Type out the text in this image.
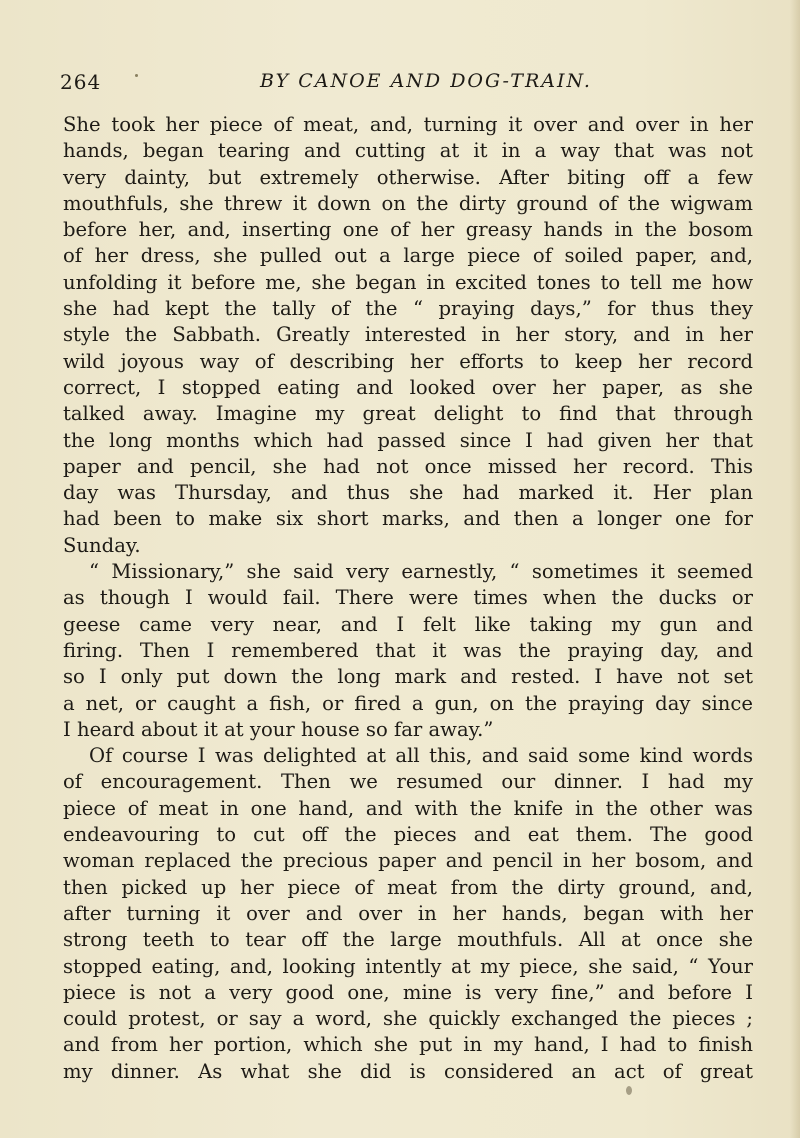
264	BY CANOE AND DOG-TRAIN.
She took her piece of meat, and, turning it over and over in her
hands, began tearing and cutting at it in a way that was not
very dainty, but extremely otherwise. After biting off a few
mouthfuls, she threw it down on the dirty ground of the wigwam
before her, and, inserting one of her greasy hands in the bosom
of her dress, she pulled out a large piece of soiled paper, and,
unfolding it before me, she began in excited tones to tell me how
she had kept the tally of the “ praying days,” for thus they
style the Sabbath. Greatly interested in her story, and in her
wild joyous way of describing her efforts to keep her record
correct, I stopped eating and looked over her paper, as she
talked away. Imagine my great delight to find that through
the long months which had passed since I had given her that
paper and pencil, she had not once missed her record. This
day was Thursday, and thus she had marked it. Her plan
had been to make six short marks, and then a longer one for
Sunday.
“ Missionary,” she said very earnestly, “ sometimes it seemed
as though I would fail. There were times when the ducks or
geese came very near, and I felt like taking my gun and
firing. Then I remembered that it was the praying day, and
so I only put down the long mark and rested. I have not set
a net, or caught a fish, or fired a gun, on the praying day since
I heard about it at your house so far away.”
Of course I was delighted at all this, and said some kind words
of encouragement. Then we resumed our dinner. I had my
piece of meat in one hand, and with the knife in the other was
endeavouring to cut off the pieces and eat them. The good
woman replaced the precious paper and pencil in her bosom, and
then picked up her piece of meat from the dirty ground, and,
after turning it over and over in her hands, began with her
strong teeth to tear off the large mouthfuls. All at once she
stopped eating, and, looking intently at my piece, she said, “ Your
piece is not a very good one, mine is very fine,” and before I
could protest, or say a word, she quickly exchanged the pieces ;
and from her portion, which she put in my hand, I had to finish
my dinner. As what she did is considered an act of great
